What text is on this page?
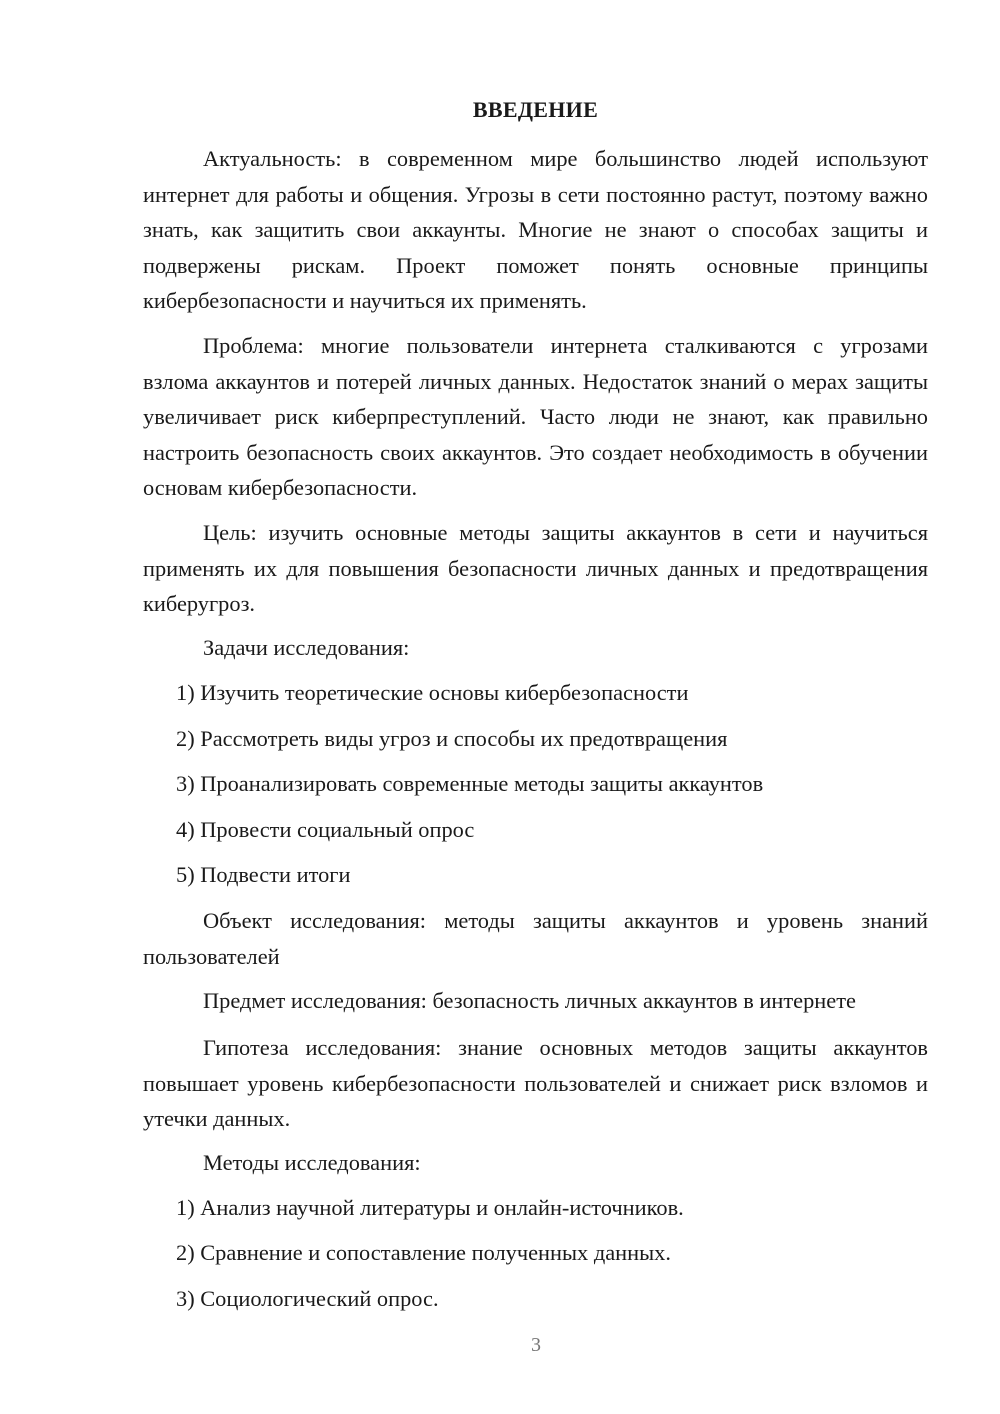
ВВЕДЕНИЕ

Актуальность: в современном мире большинство людей используют интернет для работы и общения. Угрозы в сети постоянно растут, поэтому важно знать, как защитить свои аккаунты. Многие не знают о способах защиты и подвержены рискам. Проект поможет понять основные принципы кибербезопасности и научиться их применять.

Проблема: многие пользователи интернета сталкиваются с угрозами взлома аккаунтов и потерей личных данных. Недостаток знаний о мерах защиты увеличивает риск киберпреступлений. Часто люди не знают, как правильно настроить безопасность своих аккаунтов. Это создает необходимость в обучении основам кибербезопасности.

Цель: изучить основные методы защиты аккаунтов в сети и научиться применять их для повышения безопасности личных данных и предотвращения киберугроз.

Задачи исследования:

1) Изучить теоретические основы кибербезопасности

2) Рассмотреть виды угроз и способы их предотвращения

3) Проанализировать современные методы защиты аккаунтов

4) Провести социальный опрос

5) Подвести итоги

Объект исследования: методы защиты аккаунтов и уровень знаний пользователей

Предмет исследования: безопасность личных аккаунтов в интернете

Гипотеза исследования: знание основных методов защиты аккаунтов повышает уровень кибербезопасности пользователей и снижает риск взломов и утечки данных.

Методы исследования:

1) Анализ научной литературы и онлайн-источников.

2) Сравнение и сопоставление полученных данных.

3) Социологический опрос.

3
